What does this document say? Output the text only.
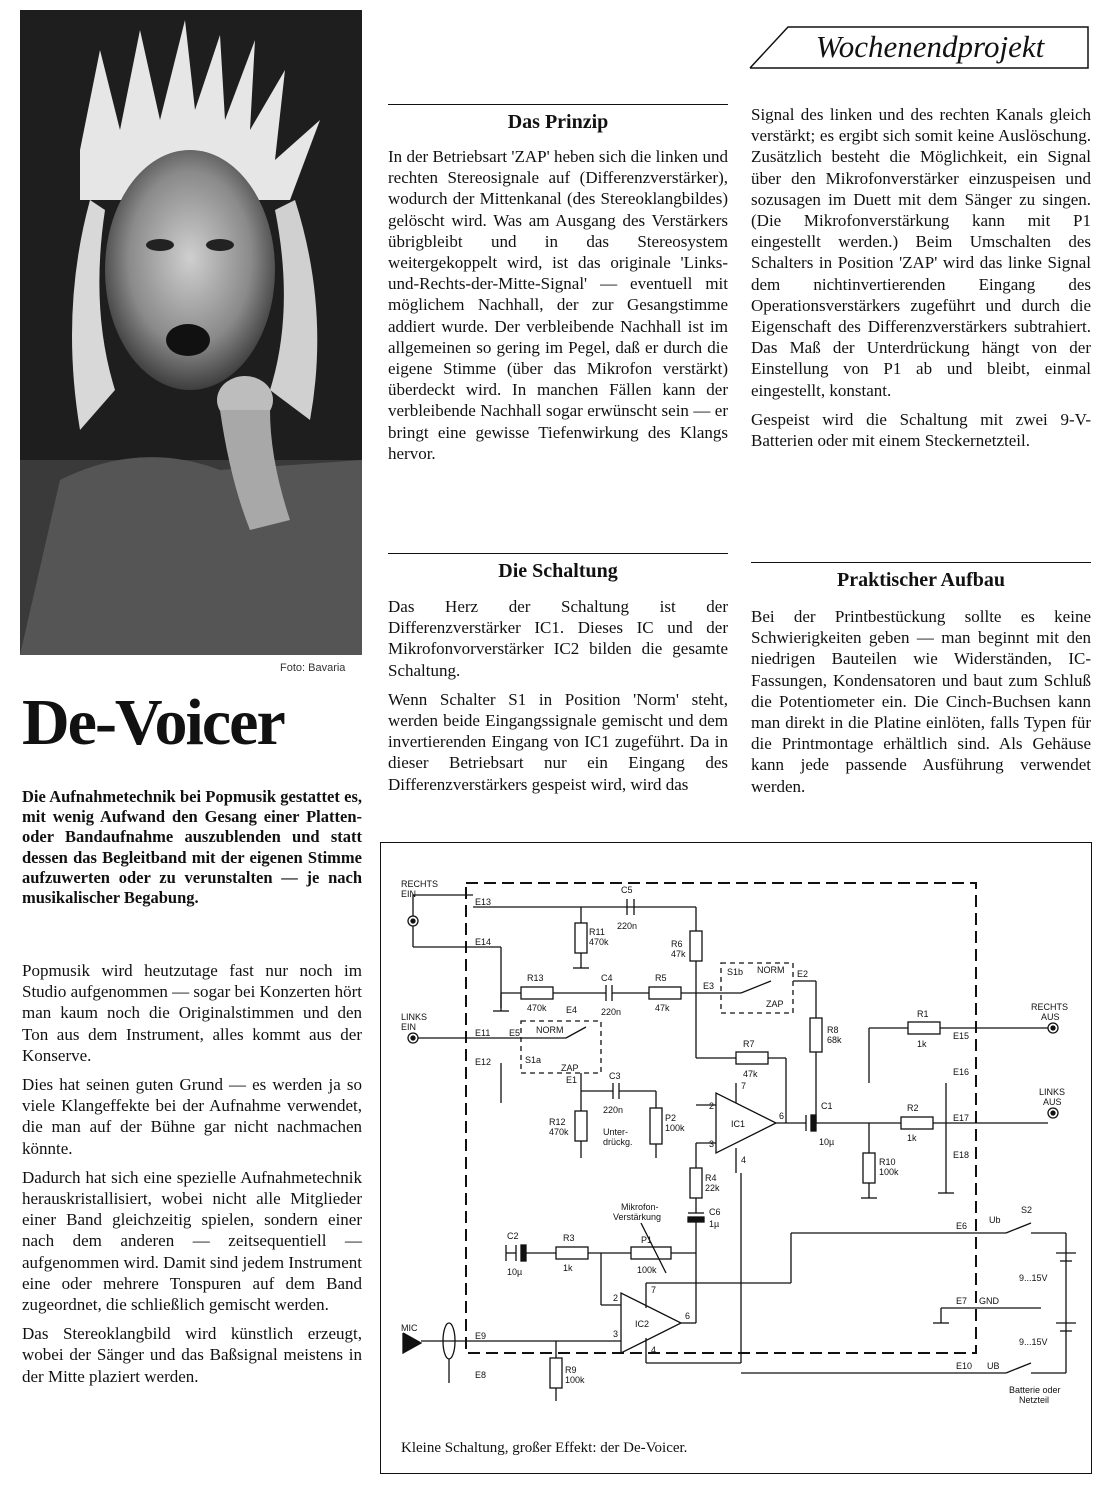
Foto: Bavaria
De-Voicer
Die Aufnahmetechnik bei Popmusik gestattet es, mit wenig Aufwand den Gesang einer Platten- oder Bandaufnahme auszublenden und statt dessen das Begleitband mit der eigenen Stimme aufzuwerten oder zu verunstalten — je nach musikalischer Begabung.

Popmusik wird heutzutage fast nur noch im Studio aufgenommen — sogar bei Konzerten hört man kaum noch die Originalstimmen und den Ton aus dem Instrument, alles kommt aus der Konserve.

Dies hat seinen guten Grund — es werden ja so viele Klangeffekte bei der Aufnahme verwendet, die man auf der Bühne gar nicht nachmachen könnte.

Dadurch hat sich eine spezielle Aufnahmetechnik herauskristallisiert, wobei nicht alle Mitglieder einer Band gleichzeitig spielen, sondern einer nach dem anderen — zeitsequentiell — aufgenommen wird. Damit sind jedem Instrument eine oder mehrere Tonspuren auf dem Band zugeordnet, die schließlich gemischt werden.

Das Stereoklangbild wird künstlich erzeugt, wobei der Sänger und das Baßsignal meistens in der Mitte plaziert werden.

Wochenendprojekt
Das Prinzip

In der Betriebsart 'ZAP' heben sich die linken und rechten Stereosignale auf (Differenzverstärker), wodurch der Mittenkanal (des Stereoklangbildes) gelöscht wird. Was am Ausgang des Verstärkers übrigbleibt und in das Stereosystem weitergekoppelt wird, ist das originale 'Links-und-Rechts-der-Mitte-Signal' — eventuell mit möglichem Nachhall, der zur Gesangstimme addiert wurde. Der verbleibende Nachhall ist im allgemeinen so gering im Pegel, daß er durch die eigene Stimme (über das Mikrofon verstärkt) überdeckt wird. In manchen Fällen kann der verbleibende Nachhall sogar erwünscht sein — er bringt eine gewisse Tiefenwirkung des Klangs hervor.

Die Schaltung

Das Herz der Schaltung ist der Differenzverstärker IC1. Dieses IC und der Mikrofonvorverstärker IC2 bilden die gesamte Schaltung.

Wenn Schalter S1 in Position 'Norm' steht, werden beide Eingangssignale gemischt und dem invertierenden Eingang von IC1 zugeführt. Da in dieser Betriebsart nur ein Eingang des Differenzverstärkers gespeist wird, wird das

Signal des linken und des rechten Kanals gleich verstärkt; es ergibt sich somit keine Auslöschung. Zusätzlich besteht die Möglichkeit, ein Signal über den Mikrofonverstärker einzuspeisen und sozusagen im Duett mit dem Sänger zu singen. (Die Mikrofonverstärkung kann mit P1 eingestellt werden.) Beim Umschalten des Schalters in Position 'ZAP' wird das linke Signal dem nichtinvertierenden Eingang des Operationsverstärkers zugeführt und durch die Eigenschaft des Differenzverstärkers subtrahiert. Das Maß der Unterdrückung hängt von der Einstellung von P1 ab und bleibt, einmal eingestellt, konstant.

Gespeist wird die Schaltung mit zwei 9-V-Batterien oder mit einem Steckernetzteil.

Praktischer Aufbau

Bei der Printbestückung sollte es keine Schwierigkeiten geben — man beginnt mit den niedrigen Bauteilen wie Widerständen, IC-Fassungen, Kondensatoren und baut zum Schluß die Potentiometer ein. Die Cinch-Buchsen kann man direkt in die Platine einlöten, falls Typen für die Printmontage erhältlich sind. Als Gehäuse kann jede passende Ausführung verwendet werden.

RECHTS
EIN
LINKS
EIN
RECHTS
AUS
LINKS
AUS
MIC
E13
E14
E11
E12
E5
E4
E1
E3
E2
E15
E16
E17
E18
E6
E7
E10
E9
E8
C5
220n
R11
470k	R6
47k
R13
470k
C4
220n
R5
47k
S1b NORM
ZAP
NORM
S1a
ZAP
R8
68k
R1
1k
R7
47k
C3
220n
R12
470k
P2
100k
Unter-
drückg.
IC1
C1
10µ
R2
1k
R10
100k
R4
22k
C6
1µ
Mikrofon-
Verstärkung
P1
100k
C2
10µ
R3
1k
IC2
R9
100k
Ub
S2
GND
UB
9...15V
9...15V
Batterie oder
Netzteil
2
3
7
4
6
2
3
6
7
4
Kleine Schaltung, großer Effekt: der De-Voicer.
